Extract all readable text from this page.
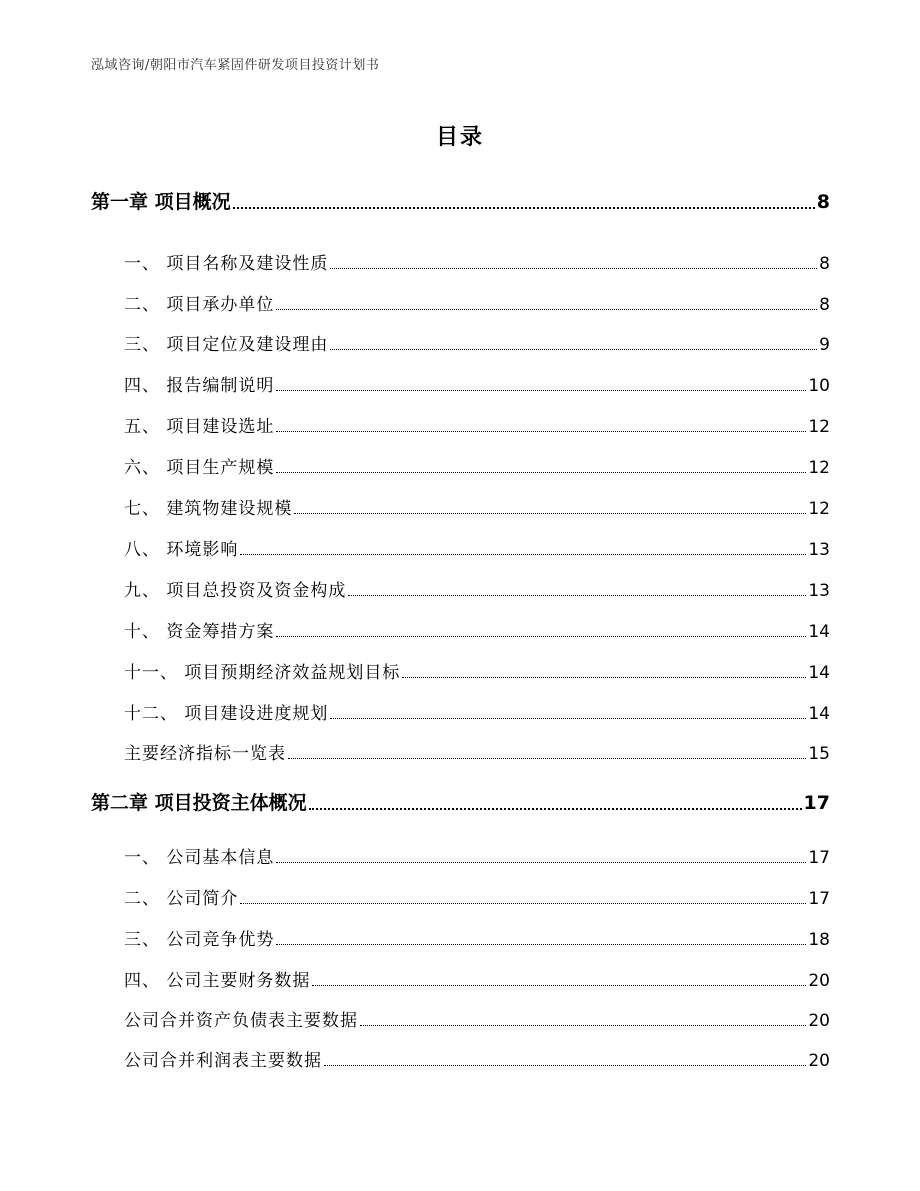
泓域咨询/朝阳市汽车紧固件研发项目投资计划书
目录
第一章 项目概况	8
一、 项目名称及建设性质	8
二、 项目承办单位	8
三、 项目定位及建设理由	9
四、 报告编制说明	10
五、 项目建设选址	12
六、 项目生产规模	12
七、 建筑物建设规模	12
八、 环境影响	13
九、 项目总投资及资金构成	13
十、 资金筹措方案	14
十一、 项目预期经济效益规划目标	14
十二、 项目建设进度规划	14
主要经济指标一览表	15
第二章 项目投资主体概况	17
一、 公司基本信息	17
二、 公司简介	17
三、 公司竞争优势	18
四、 公司主要财务数据	20
公司合并资产负债表主要数据	20
公司合并利润表主要数据	20
